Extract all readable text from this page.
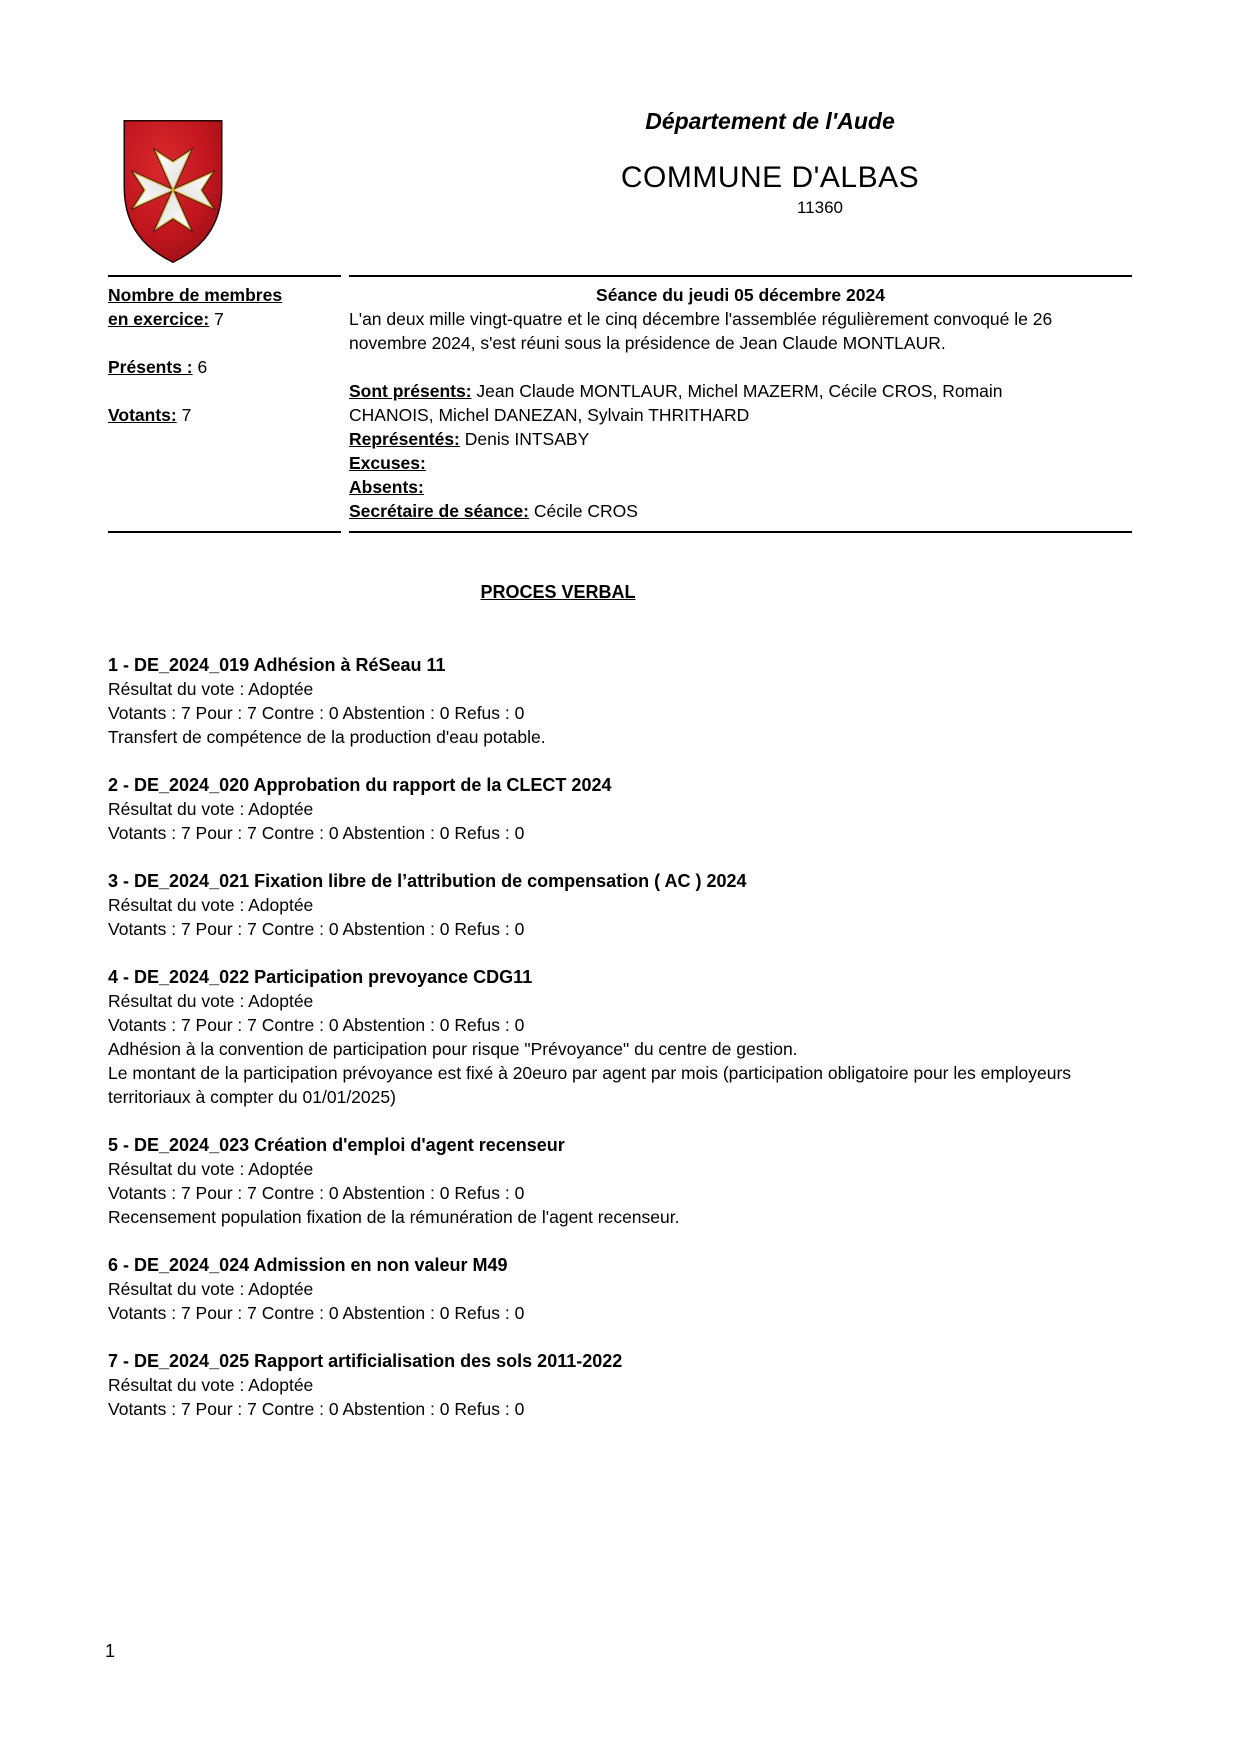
Département de l'Aude
COMMUNE D'ALBAS
11360
Nombre de membres
en exercice: 7
Présents : 6
Votants: 7
Séance du jeudi 05 décembre 2024

L'an deux mille vingt-quatre et le cinq décembre l'assemblée régulièrement convoqué le 26 novembre 2024, s'est réuni sous la présidence de Jean Claude MONTLAUR.

Sont présents: Jean Claude MONTLAUR, Michel MAZERM, Cécile CROS, Romain CHANOIS, Michel DANEZAN, Sylvain THRITHARD

Représentés: Denis INTSABY

Excuses:

Absents:

Secrétaire de séance: Cécile CROS

PROCES VERBAL
1 - DE_2024_019 Adhésion à RéSeau 11
Résultat du vote : Adoptée
Votants : 7 Pour : 7 Contre : 0 Abstention : 0 Refus : 0
Transfert de compétence de la production d'eau potable.
2 - DE_2024_020 Approbation du rapport de la CLECT 2024
Résultat du vote : Adoptée
Votants : 7 Pour : 7 Contre : 0 Abstention : 0 Refus : 0
3 - DE_2024_021 Fixation libre de l’attribution de compensation ( AC ) 2024
Résultat du vote : Adoptée
Votants : 7 Pour : 7 Contre : 0 Abstention : 0 Refus : 0
4 - DE_2024_022 Participation prevoyance CDG11
Résultat du vote : Adoptée
Votants : 7 Pour : 7 Contre : 0 Abstention : 0 Refus : 0
Adhésion à la convention de participation pour risque "Prévoyance" du centre de gestion.
Le montant de la participation prévoyance est fixé à 20euro par agent par mois (participation obligatoire pour les employeurs territoriaux à compter du 01/01/2025)
5 - DE_2024_023 Création d'emploi d'agent recenseur
Résultat du vote : Adoptée
Votants : 7 Pour : 7 Contre : 0 Abstention : 0 Refus : 0
Recensement population fixation de la rémunération de l'agent recenseur.
6 - DE_2024_024 Admission en non valeur M49
Résultat du vote : Adoptée
Votants : 7 Pour : 7 Contre : 0 Abstention : 0 Refus : 0
7 - DE_2024_025 Rapport artificialisation des sols 2011-2022
Résultat du vote : Adoptée
Votants : 7 Pour : 7 Contre : 0 Abstention : 0 Refus : 0
1
